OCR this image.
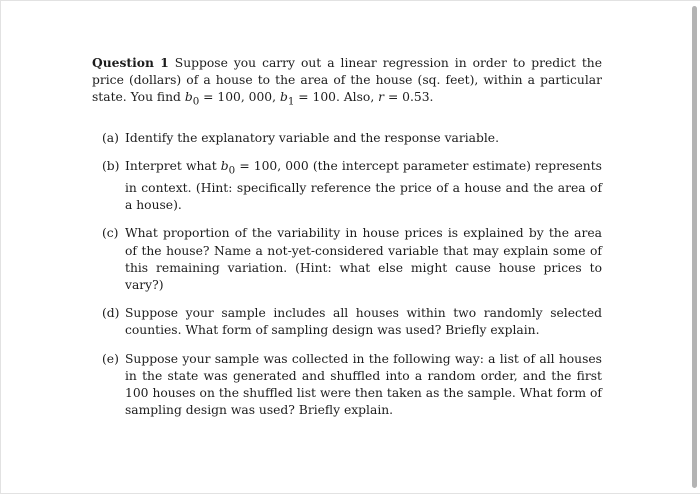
Question 1 Suppose you carry out a linear regression in order to predict the price (dollars) of a house to the area of the house (sq. feet), within a particular state. You find $b_0 = 100$, 000, $b_1 = 100$. Also, r = 0.53.

(a) Identify the explanatory variable and the response variable.
(b) Interpret what $b_0 = 100$, 000 (the intercept parameter estimate) represents in context. (Hint: specifically reference the price of a house and the area of a house).
(c) What proportion of the variability in house prices is explained by the area of the house? Name a not-yet-considered variable that may explain some of this remaining variation. (Hint: what else might cause house prices to vary?)
(d) Suppose your sample includes all houses within two randomly selected counties. What form of sampling design was used? Briefly explain.
(e) Suppose your sample was collected in the following way: a list of all houses in the state was generated and shuffled into a random order, and the first 100 houses on the shuffled list were then taken as the sample. What form of sampling design was used? Briefly explain.
